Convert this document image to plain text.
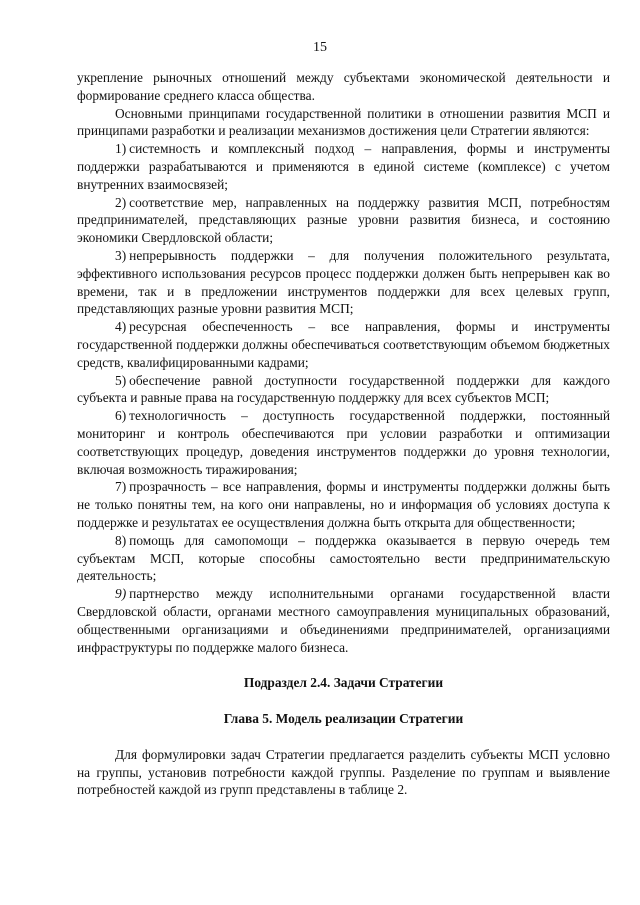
15

укрепление рыночных отношений между субъектами экономической деятельности и формирование среднего класса общества.

Основными принципами государственной политики в отношении развития МСП и принципами разработки и реализации механизмов достижения цели Стратегии являются:

1) системность и комплексный подход – направления, формы и инструменты поддержки разрабатываются и применяются в единой системе (комплексе) с учетом внутренних взаимосвязей;

2) соответствие мер, направленных на поддержку развития МСП, потребностям предпринимателей, представляющих разные уровни развития бизнеса, и состоянию экономики Свердловской области;

3) непрерывность поддержки – для получения положительного результата, эффективного использования ресурсов процесс поддержки должен быть непрерывен как во времени, так и в предложении инструментов поддержки для всех целевых групп, представляющих разные уровни развития МСП;

4) ресурсная обеспеченность – все направления, формы и инструменты государственной поддержки должны обеспечиваться соответствующим объемом бюджетных средств, квалифицированными кадрами;

5) обеспечение равной доступности государственной поддержки для каждого субъекта и равные права на государственную поддержку для всех субъектов МСП;

6) технологичность – доступность государственной поддержки, постоянный мониторинг и контроль обеспечиваются при условии разработки и оптимизации соответствующих процедур, доведения инструментов поддержки до уровня технологии, включая возможность тиражирования;

7) прозрачность – все направления, формы и инструменты поддержки должны быть не только понятны тем, на кого они направлены, но и информация об условиях доступа к поддержке и результатах ее осуществления должна быть открыта для общественности;

8) помощь для самопомощи – поддержка оказывается в первую очередь тем субъектам МСП, которые способны самостоятельно вести предпринимательскую деятельность;

9) партнерство между исполнительными органами государственной власти Свердловской области, органами местного самоуправления муниципальных образований, общественными организациями и объединениями предпринимателей, организациями инфраструктуры по поддержке малого бизнеса.

Подраздел 2.4. Задачи Стратегии

Глава 5. Модель реализации Стратегии

Для формулировки задач Стратегии предлагается разделить субъекты МСП условно на группы, установив потребности каждой группы. Разделение по группам и выявление потребностей каждой из групп представлены в таблице 2.
